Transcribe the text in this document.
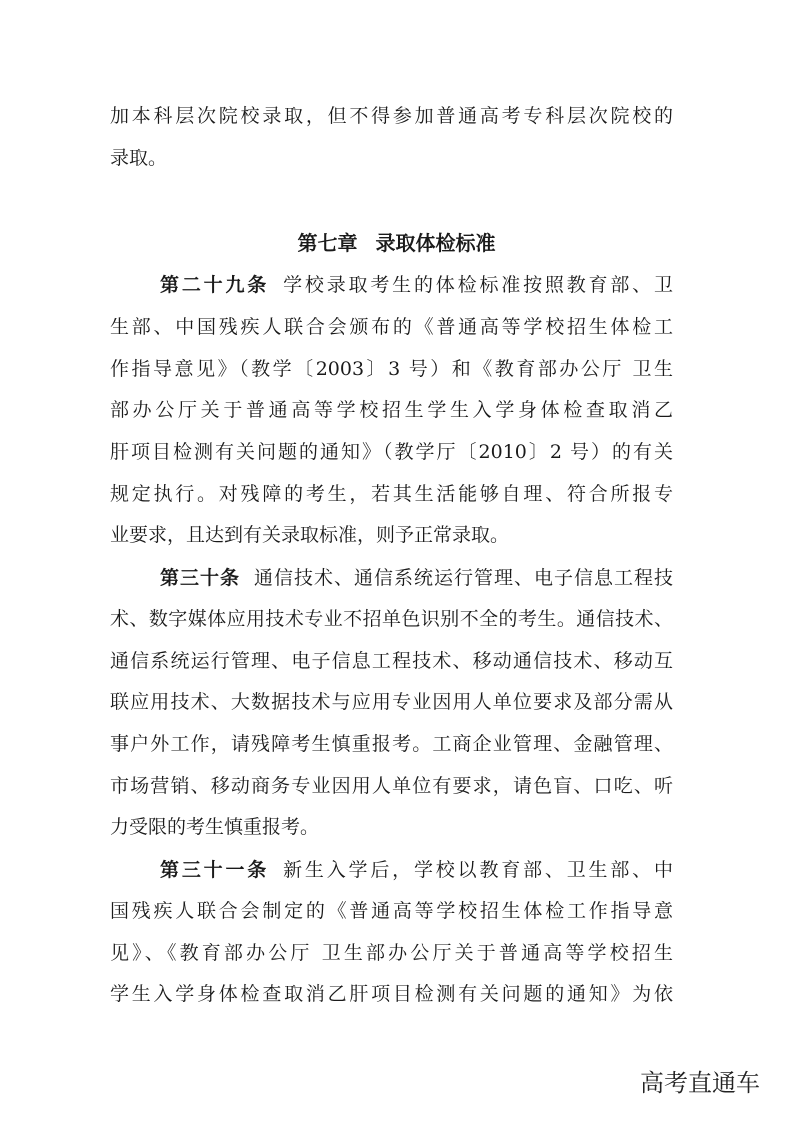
加本科层次院校录取，但不得参加普通高考专科层次院校的
录取。
第七章 录取体检标准
第二十九条 学校录取考生的体检标准按照教育部、卫
生部、中国残疾人联合会颁布的《普通高等学校招生体检工
作指导意见》（教学〔2003〕3 号）和《教育部办公厅 卫生
部办公厅关于普通高等学校招生学生入学身体检查取消乙
肝项目检测有关问题的通知》（教学厅〔2010〕2 号）的有关
规定执行。对残障的考生，若其生活能够自理、符合所报专
业要求，且达到有关录取标准，则予正常录取。
第三十条 通信技术、通信系统运行管理、电子信息工程技
术、数字媒体应用技术专业不招单色识别不全的考生。通信技术、
通信系统运行管理、电子信息工程技术、移动通信技术、移动互
联应用技术、大数据技术与应用专业因用人单位要求及部分需从
事户外工作，请残障考生慎重报考。工商企业管理、金融管理、
市场营销、移动商务专业因用人单位有要求，请色盲、口吃、听
力受限的考生慎重报考。
第三十一条 新生入学后，学校以教育部、卫生部、中
国残疾人联合会制定的《普通高等学校招生体检工作指导意
见》、《教育部办公厅 卫生部办公厅关于普通高等学校招生
学生入学身体检查取消乙肝项目检测有关问题的通知》为依
高考直通车
